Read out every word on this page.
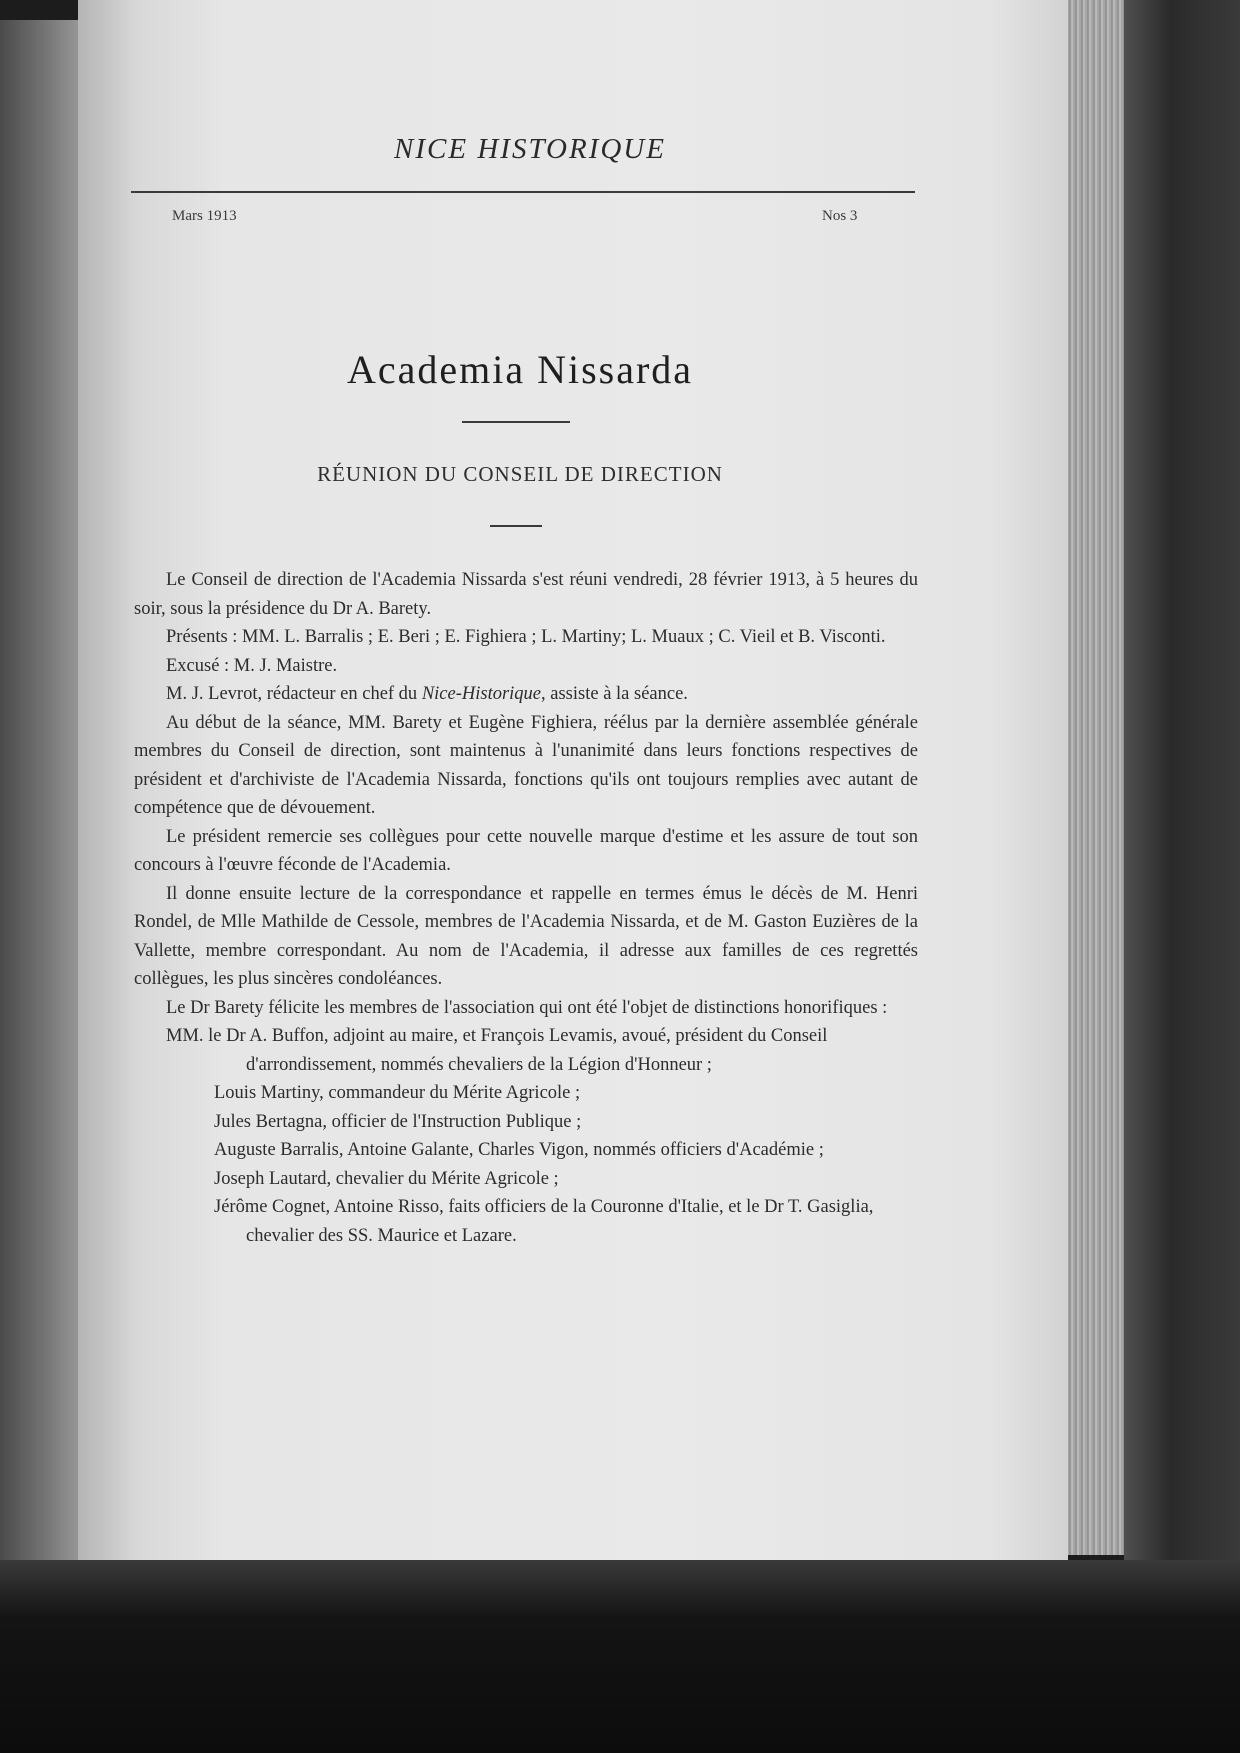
NICE HISTORIQUE
Mars 1913	Nos 3
Academia Nissarda
RÉUNION DU CONSEIL DE DIRECTION

Le Conseil de direction de l'Academia Nissarda s'est réuni vendredi, 28 février 1913, à 5 heures du soir, sous la présidence du Dr A. Barety.

Présents : MM. L. Barralis ; E. Beri ; E. Fighiera ; L. Martiny; L. Muaux ; C. Vieil et B. Visconti.

Excusé : M. J. Maistre.

M. J. Levrot, rédacteur en chef du Nice-Historique, assiste à la séance.

Au début de la séance, MM. Barety et Eugène Fighiera, réélus par la dernière assemblée générale membres du Conseil de direction, sont maintenus à l'unanimité dans leurs fonctions respectives de président et d'archiviste de l'Academia Nissarda, fonctions qu'ils ont toujours remplies avec autant de compétence que de dévouement.

Le président remercie ses collègues pour cette nouvelle marque d'estime et les assure de tout son concours à l'œuvre féconde de l'Academia.

Il donne ensuite lecture de la correspondance et rappelle en termes émus le décès de M. Henri Rondel, de Mlle Mathilde de Cessole, membres de l'Academia Nissarda, et de M. Gaston Euzières de la Vallette, membre correspondant. Au nom de l'Academia, il adresse aux familles de ces regrettés collègues, les plus sincères condoléances.

Le Dr Barety félicite les membres de l'association qui ont été l'objet de distinctions honorifiques :

MM. le Dr A. Buffon, adjoint au maire, et François Levamis, avoué, président du Conseil d'arrondissement, nommés chevaliers de la Légion d'Honneur ;
Louis Martiny, commandeur du Mérite Agricole ;
Jules Bertagna, officier de l'Instruction Publique ;
Auguste Barralis, Antoine Galante, Charles Vigon, nommés officiers d'Académie ;
Joseph Lautard, chevalier du Mérite Agricole ;
Jérôme Cognet, Antoine Risso, faits officiers de la Couronne d'Italie, et le Dr T. Gasiglia, chevalier des SS. Maurice et Lazare.
